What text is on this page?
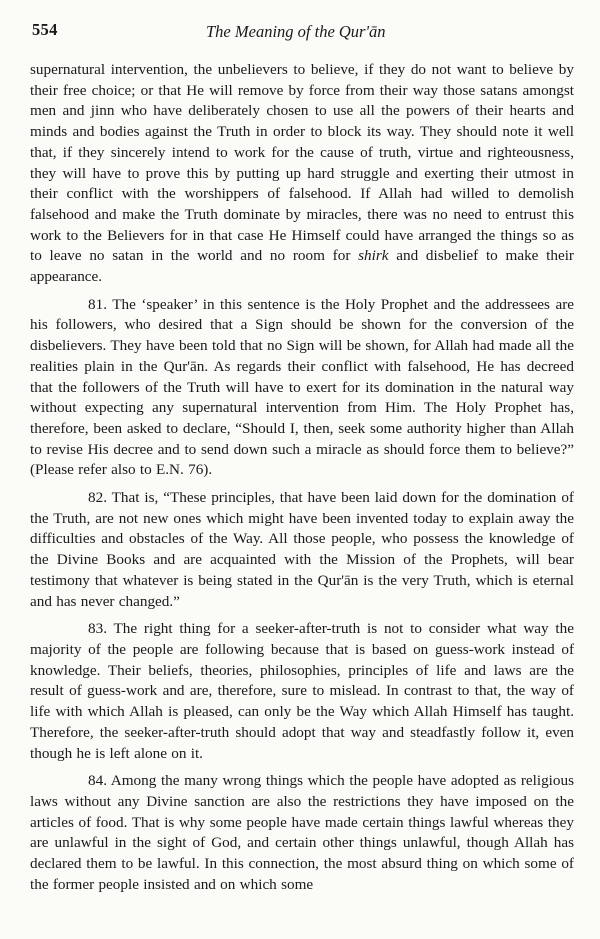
554	The Meaning of the Qur'ān

supernatural intervention, the unbelievers to believe, if they do not want to believe by their free choice; or that He will remove by force from their way those satans amongst men and jinn who have deliberately chosen to use all the powers of their hearts and minds and bodies against the Truth in order to block its way. They should note it well that, if they sincerely intend to work for the cause of truth, virtue and righteousness, they will have to prove this by putting up hard struggle and exerting their utmost in their conflict with the worshippers of falsehood. If Allah had willed to demolish falsehood and make the Truth dominate by miracles, there was no need to entrust this work to the Believers for in that case He Himself could have arranged the things so as to leave no satan in the world and no room for shirk and disbelief to make their appearance.

81. The ‘speaker’ in this sentence is the Holy Prophet and the addressees are his followers, who desired that a Sign should be shown for the conversion of the disbelievers. They have been told that no Sign will be shown, for Allah had made all the realities plain in the Qur'ān. As regards their conflict with falsehood, He has decreed that the followers of the Truth will have to exert for its domination in the natural way without expecting any supernatural intervention from Him. The Holy Prophet has, therefore, been asked to declare, “Should I, then, seek some authority higher than Allah to revise His decree and to send down such a miracle as should force them to believe?” (Please refer also to E.N. 76).

82. That is, “These principles, that have been laid down for the domination of the Truth, are not new ones which might have been invented today to explain away the difficulties and obstacles of the Way. All those people, who possess the knowledge of the Divine Books and are acquainted with the Mission of the Prophets, will bear testimony that whatever is being stated in the Qur'ān is the very Truth, which is eternal and has never changed.”

83. The right thing for a seeker-after-truth is not to consider what way the majority of the people are following because that is based on guess-work instead of knowledge. Their beliefs, theories, philosophies, principles of life and laws are the result of guess-work and are, therefore, sure to mislead. In contrast to that, the way of life with which Allah is pleased, can only be the Way which Allah Himself has taught. Therefore, the seeker-after-truth should adopt that way and steadfastly follow it, even though he is left alone on it.

84. Among the many wrong things which the people have adopted as religious laws without any Divine sanction are also the restrictions they have imposed on the articles of food. That is why some people have made certain things lawful whereas they are unlawful in the sight of God, and certain other things unlawful, though Allah has declared them to be lawful. In this connection, the most absurd thing on which some of the former people insisted and on which some
